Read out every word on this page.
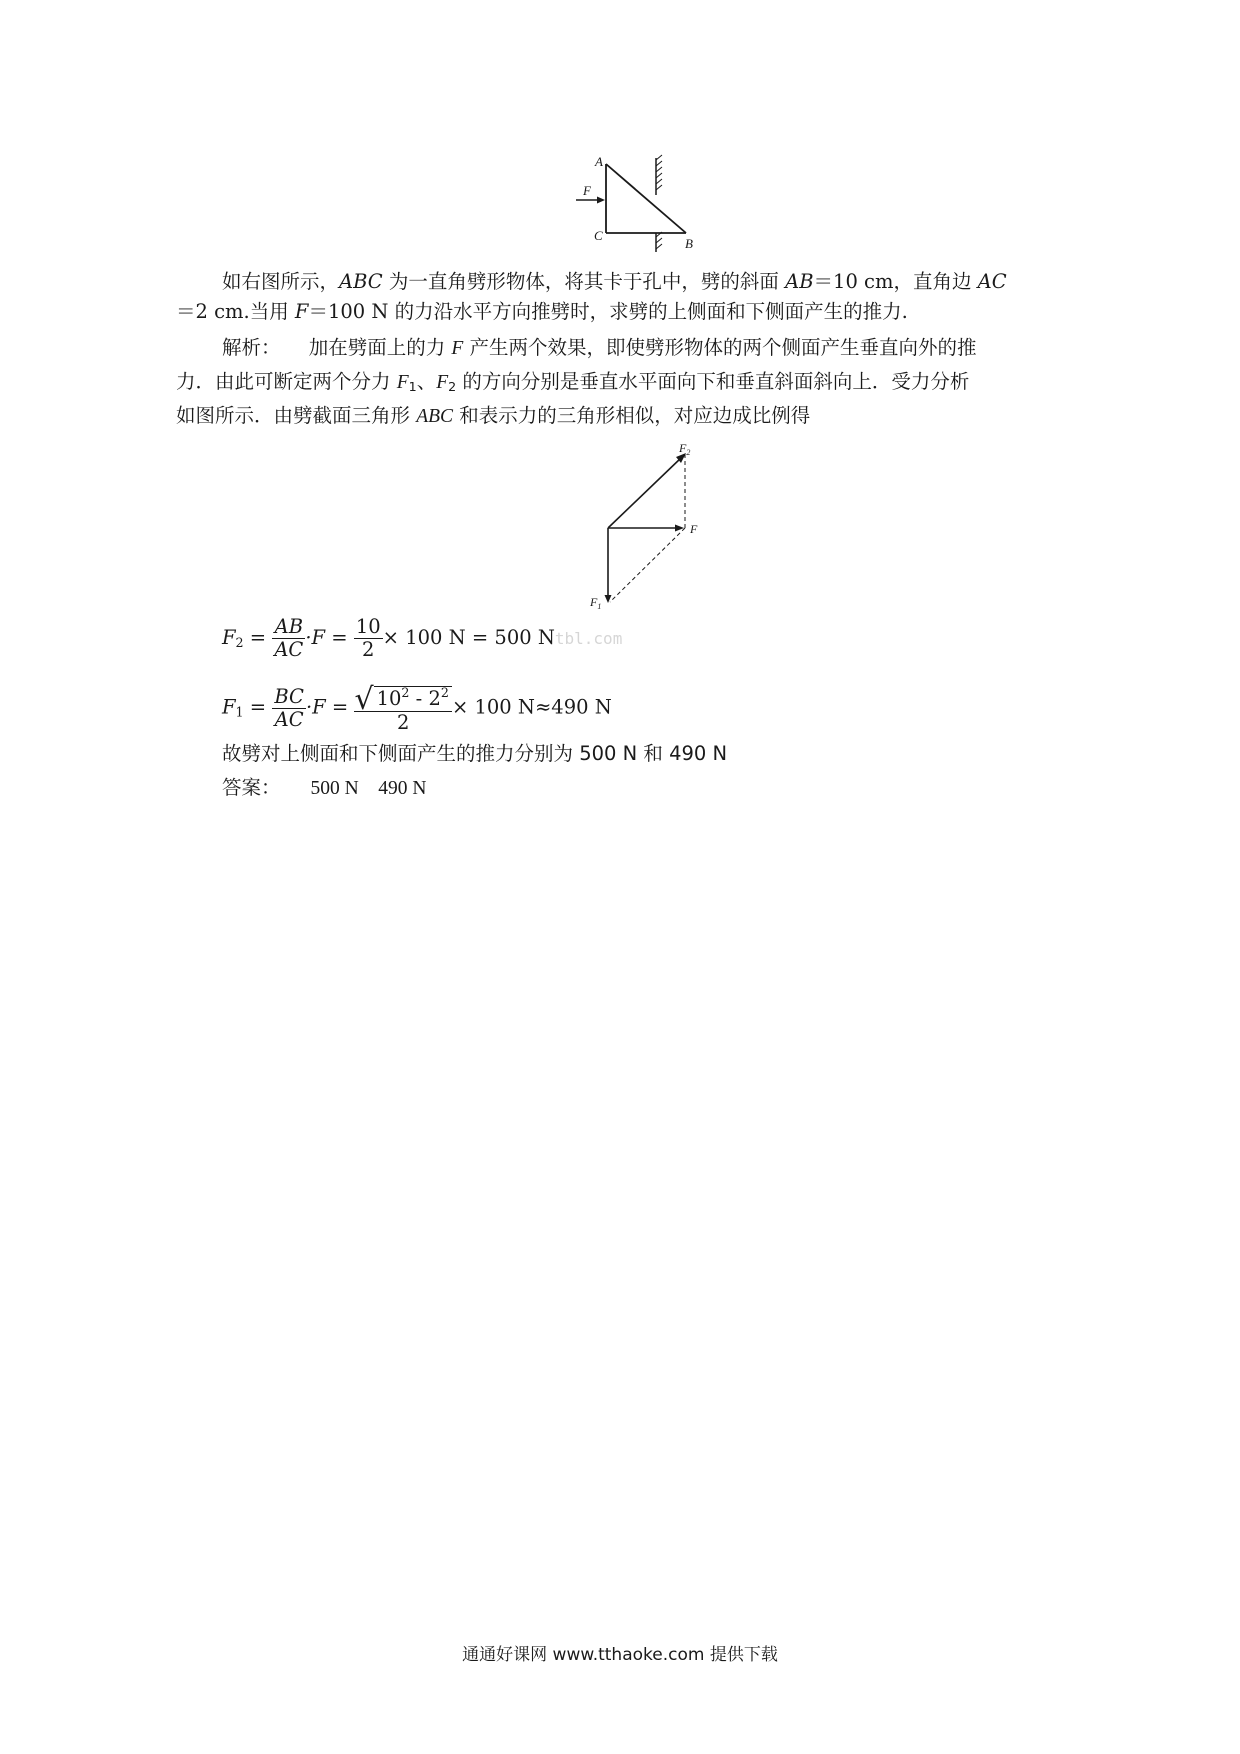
F
A
C
B
如右图所示，ABC 为一直角劈形物体，将其卡于孔中，劈的斜面 AB＝10 cm，直角边 AC
＝2 cm.当用 F＝100 N 的力沿水平方向推劈时，求劈的上侧面和下侧面产生的推力.
解析： 加在劈面上的力 F 产生两个效果，即使劈形物体的两个侧面产生垂直向外的推
力．由此可断定两个分力 $F_1$、$F_2$ 的方向分别是垂直水平面向下和垂直斜面斜向上．受力分析
如图所示．由劈截面三角形 ABC 和表示力的三角形相似，对应边成比例得
$F_2$
F
$F_1$
$F_2 = \frac{AB}{AC} \cdot F = \frac{10}{2} \times 100$ N = 500 Ntbl.com
$F_1 = \frac{BC}{AC} \cdot F = \frac{√ 10^2 - 2^2}{2} \times 100$ N≈490 N
故劈对上侧面和下侧面产生的推力分别为 500 N 和 490 N
答案： 500 N　490 N
通通好课网 www.tthaoke.com 提供下载
